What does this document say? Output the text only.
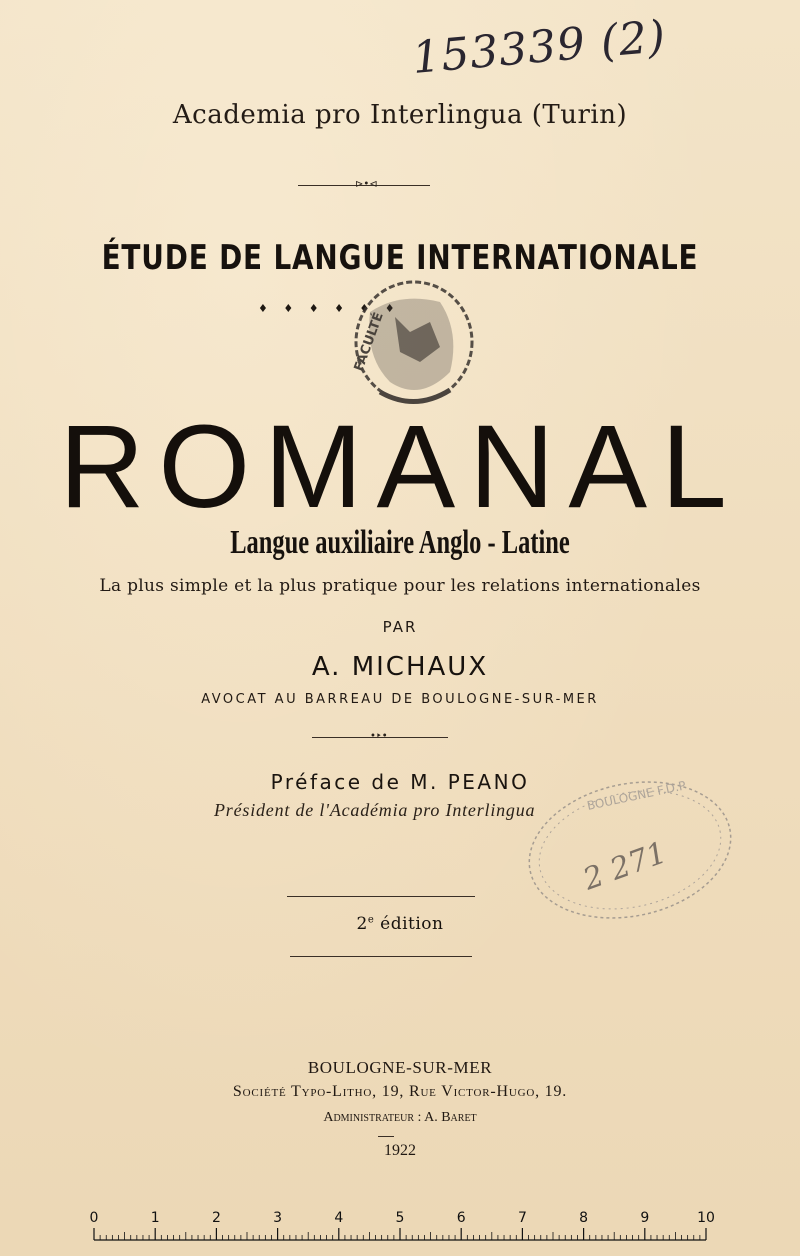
153339 (2)
Academia pro Interlingua (Turin)
⊳•⊲
ÉTUDE DE LANGUE INTERNATIONALE
♦ ♦ ♦ ♦ ♦ ♦
FACULTÉ
ROMANAL
Langue auxiliaire Anglo - Latine
La plus simple et la plus pratique pour les relations internationales
PAR
A. MICHAUX
AVOCAT AU BARREAU DE BOULOGNE-SUR-MER
•‣•
Préface de M. PEANO
Président de l'Académia pro Interlingua	BOULOGNE F.D.P
2 271
2e édition
BOULOGNE-SUR-MER
Société Typo-Litho, 19, Rue Victor-Hugo, 19.
Administrateur : A. Baret
1922
0	1	2	3	4	5	6	7	8	9	10
